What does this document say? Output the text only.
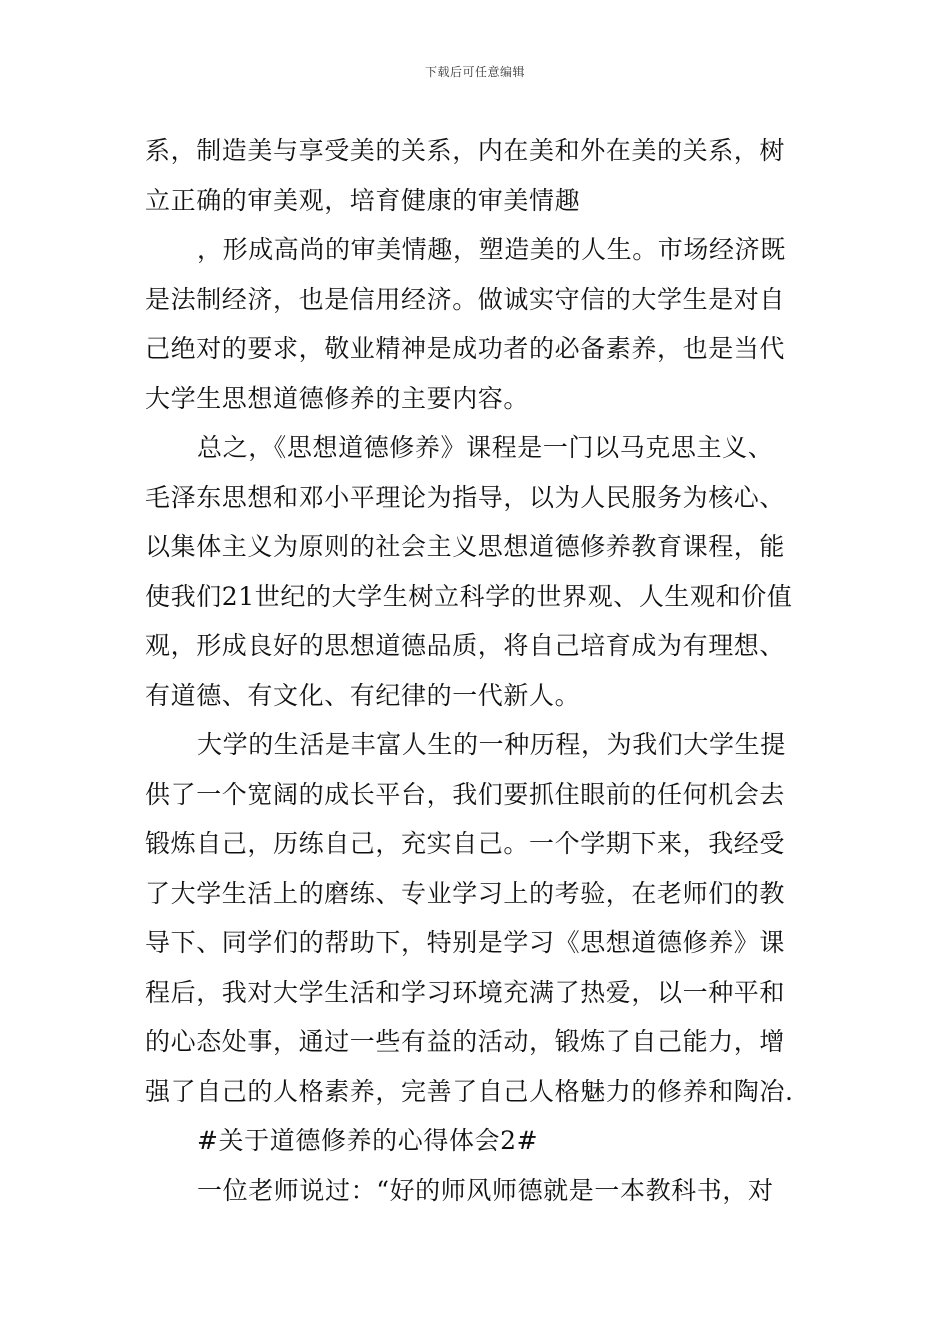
下载后可任意编辑
系，制造美与享受美的关系，内在美和外在美的关系，树
立正确的审美观，培育健康的审美情趣
，形成高尚的审美情趣，塑造美的人生。市场经济既
是法制经济，也是信用经济。做诚实守信的大学生是对自
己绝对的要求，敬业精神是成功者的必备素养，也是当代
大学生思想道德修养的主要内容。
总之，《思想道德修养》课程是一门以马克思主义、
毛泽东思想和邓小平理论为指导，以为人民服务为核心、
以集体主义为原则的社会主义思想道德修养教育课程，能
使我们21世纪的大学生树立科学的世界观、人生观和价值
观，形成良好的思想道德品质，将自己培育成为有理想、
有道德、有文化、有纪律的一代新人。
大学的生活是丰富人生的一种历程，为我们大学生提
供了一个宽阔的成长平台，我们要抓住眼前的任何机会去
锻炼自己，历练自己，充实自己。一个学期下来，我经受
了大学生活上的磨练、专业学习上的考验，在老师们的教
导下、同学们的帮助下，特别是学习《思想道德修养》课
程后，我对大学生活和学习环境充满了热爱，以一种平和
的心态处事，通过一些有益的活动，锻炼了自己能力，增
强了自己的人格素养，完善了自己人格魅力的修养和陶冶.
#关于道德修养的心得体会2#
一位老师说过：“好的师风师德就是一本教科书，对
